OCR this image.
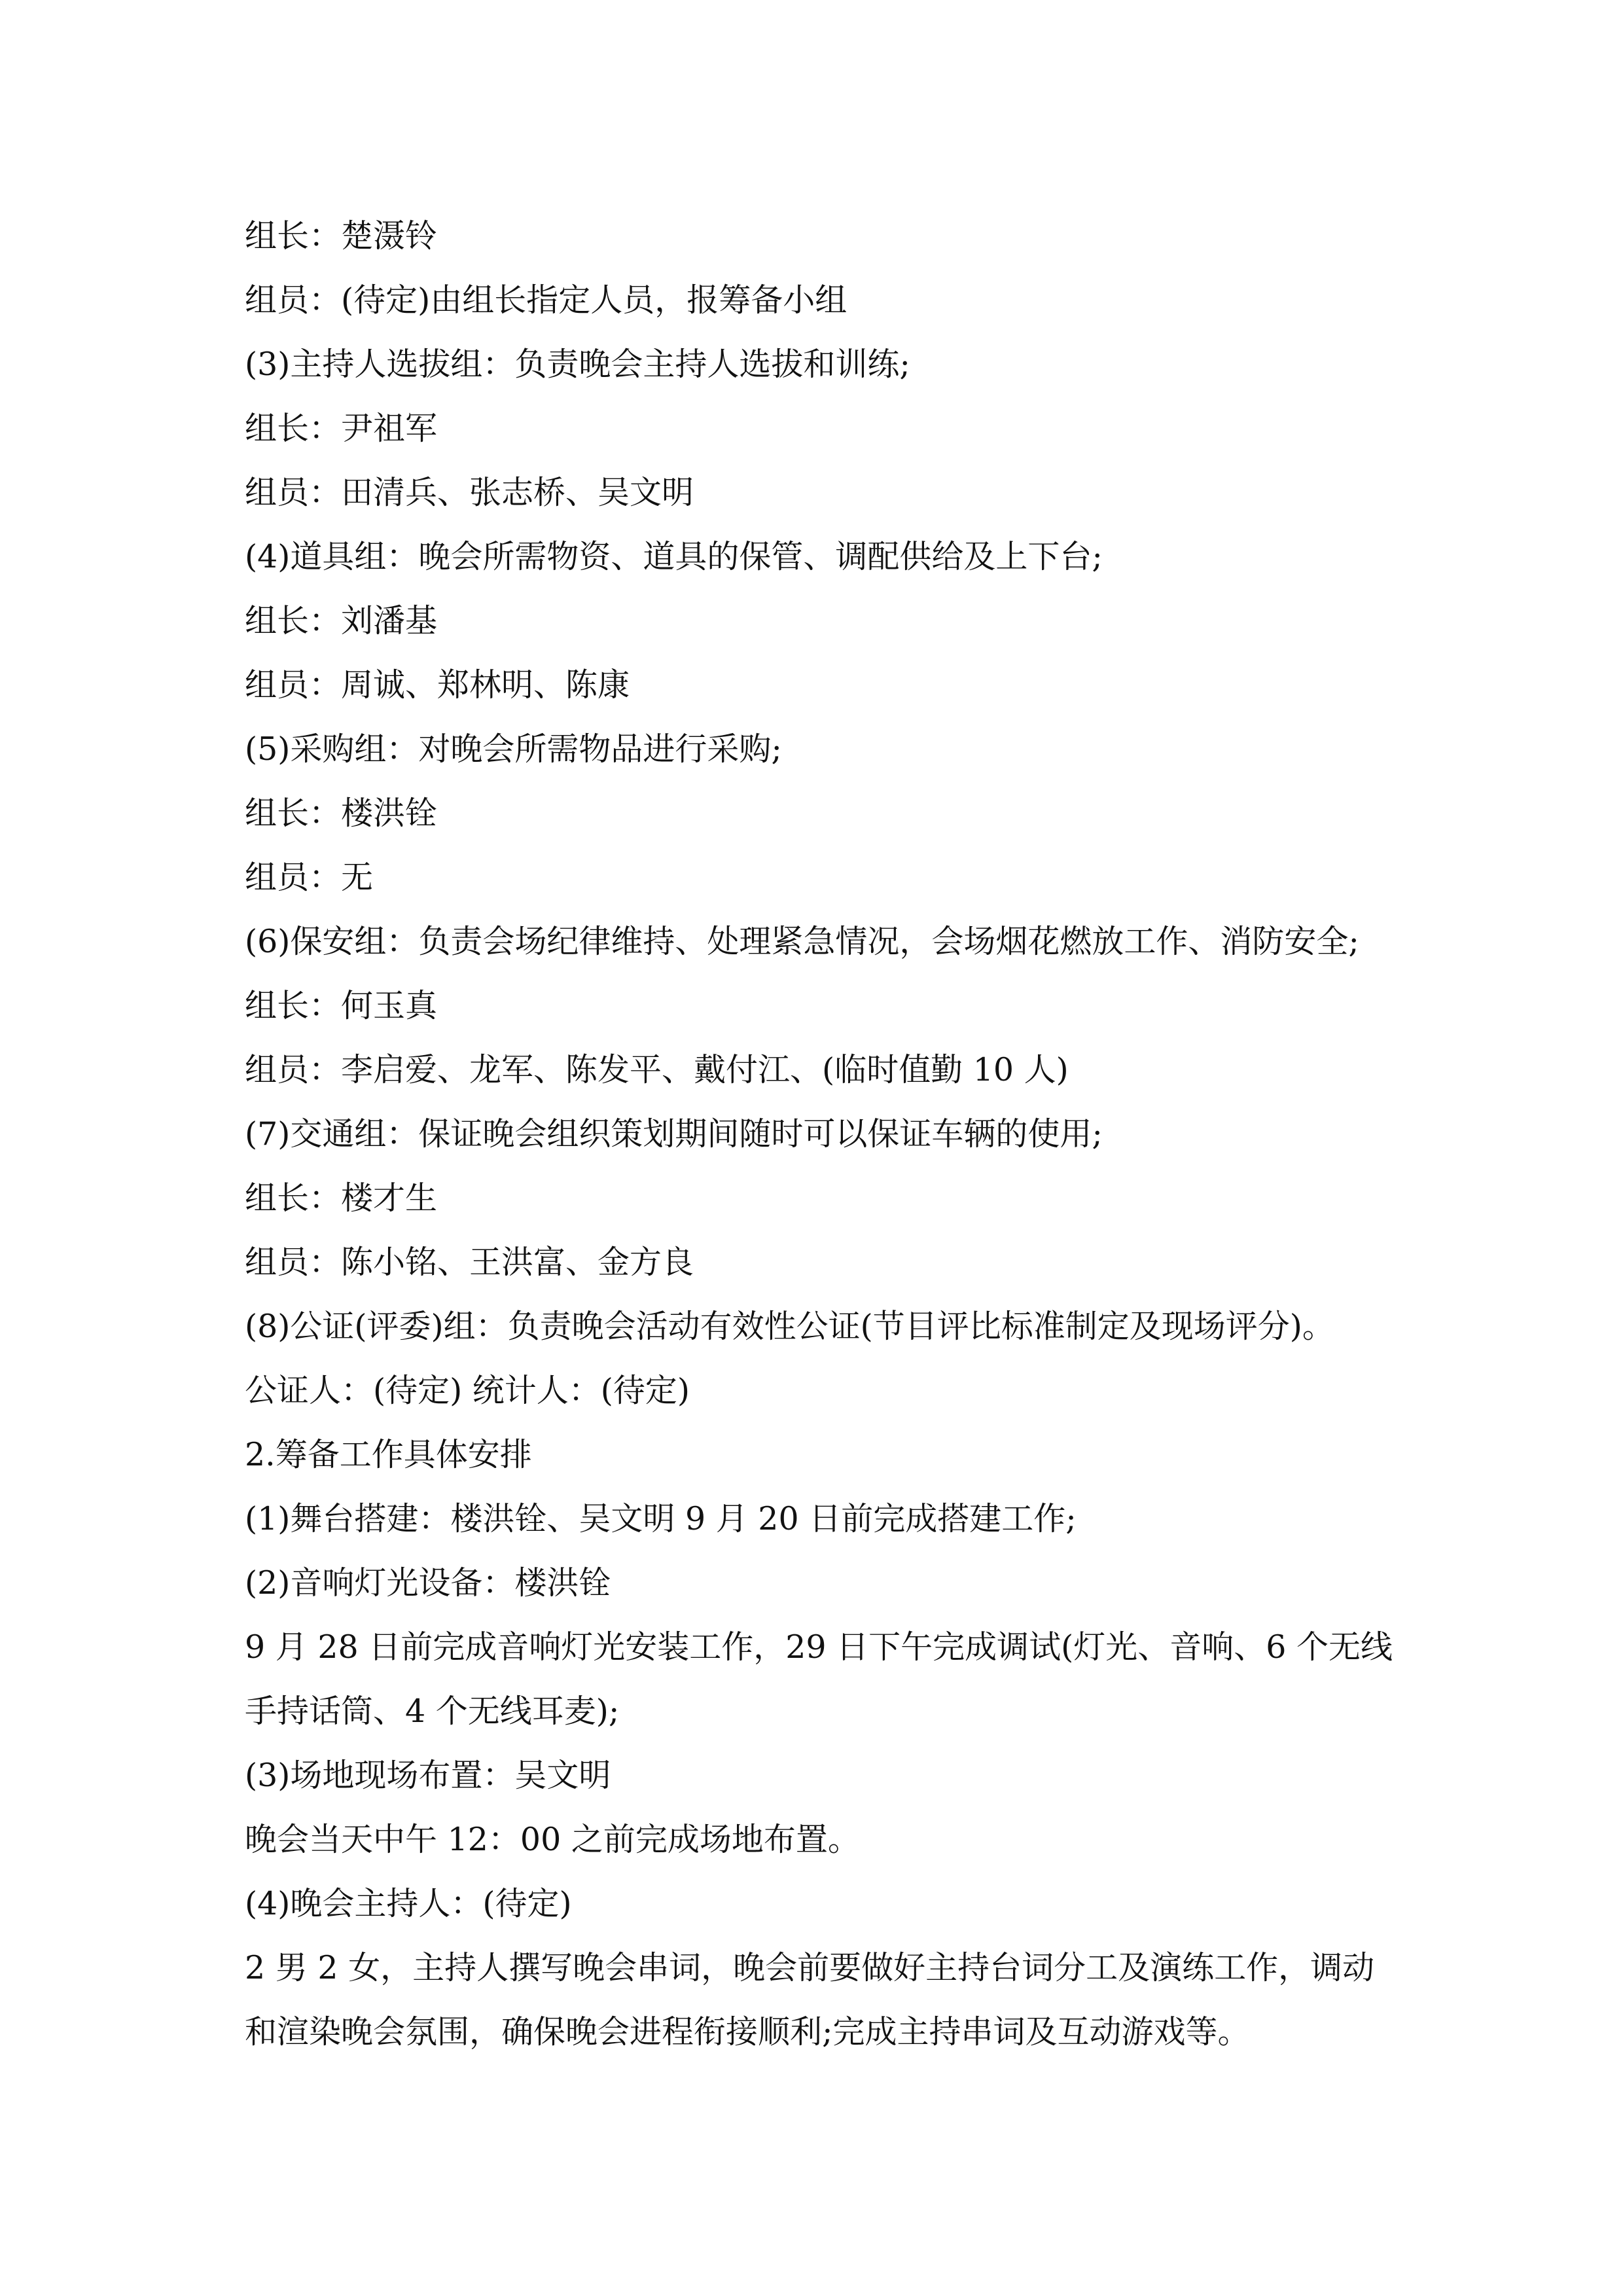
组长：楚滠铃

组员：(待定)由组长指定人员，报筹备小组

(3)主持人选拔组：负责晚会主持人选拔和训练;

组长：尹祖军

组员：田清兵、张志桥、吴文明

(4)道具组：晚会所需物资、道具的保管、调配供给及上下台;

组长：刘潘基

组员：周诚、郑林明、陈康

(5)采购组：对晚会所需物品进行采购;

组长：楼洪铨

组员：无

(6)保安组：负责会场纪律维持、处理紧急情况，会场烟花燃放工作、消防安全;

组长：何玉真

组员：李启爱、龙军、陈发平、戴付江、(临时值勤 10 人)

(7)交通组：保证晚会组织策划期间随时可以保证车辆的使用;

组长：楼才生

组员：陈小铭、王洪富、金方良

(8)公证(评委)组：负责晚会活动有效性公证(节目评比标准制定及现场评分)。

公证人：(待定) 统计人：(待定)

2.筹备工作具体安排

(1)舞台搭建：楼洪铨、吴文明 9 月 20 日前完成搭建工作;

(2)音响灯光设备：楼洪铨

9 月 28 日前完成音响灯光安装工作，29 日下午完成调试(灯光、音响、6 个无线手持话筒、4 个无线耳麦);

(3)场地现场布置：吴文明

晚会当天中午 12：00 之前完成场地布置。

(4)晚会主持人：(待定)

2 男 2 女，主持人撰写晚会串词，晚会前要做好主持台词分工及演练工作，调动和渲染晚会氛围，确保晚会进程衔接顺利;完成主持串词及互动游戏等。
